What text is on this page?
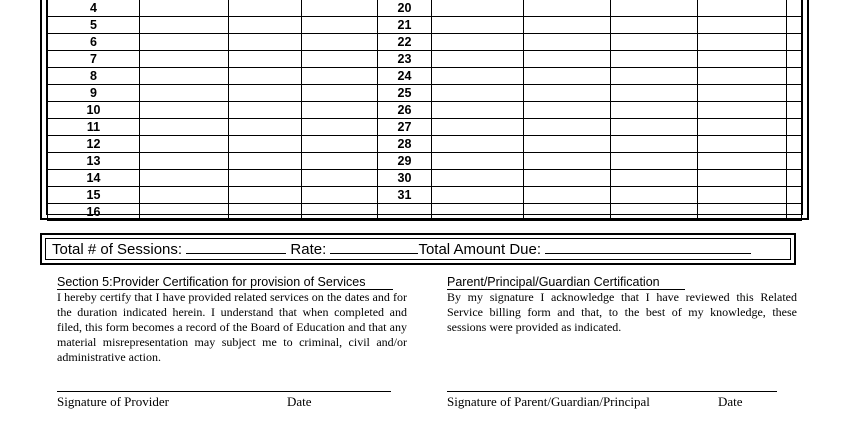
4				20					
5				21					
6				22					
7				23					
8				24					
9				25					
10				26					
11				27					
12				28					
13				29					
14				30					
15				31					
16									
Total # of Sessions:	Rate:	Total Amount Due:
Section 5:Provider Certification for provision of Services
I hereby certify that I have provided related services on the dates and for the duration indicated herein. I understand that when completed and filed, this form becomes a record of the Board of Education and that any material misrepresentation may subject me to criminal, civil and/or administrative action.
Parent/Principal/Guardian Certification
By my signature I acknowledge that I have reviewed this Related Service billing form and that, to the best of my knowledge, these sessions were provided as indicated.
Signature of Provider	Date	Signature of Parent/Guardian/Principal	Date
